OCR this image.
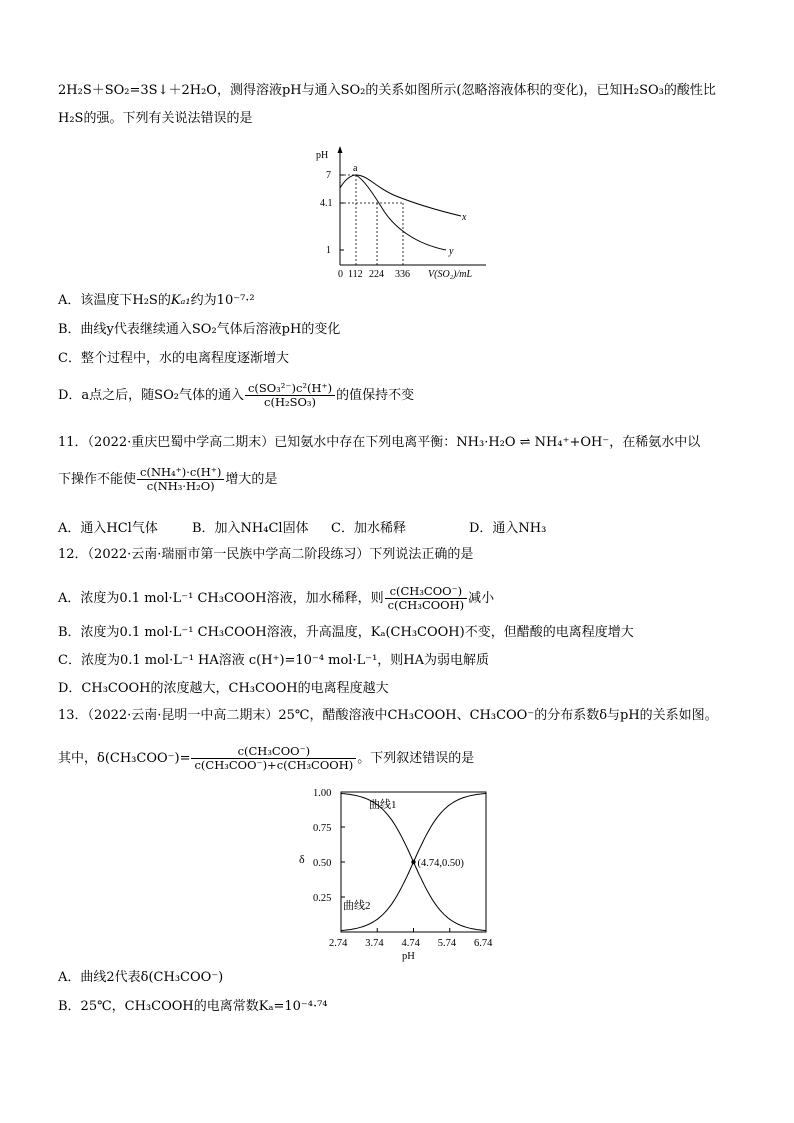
2H₂S＋SO₂=3S↓＋2H₂O，测得溶液pH与通入SO₂的关系如图所示(忽略溶液体积的变化)，已知H₂SO₃的酸性比
H₂S的强。下列有关说法错误的是
pH
7
4.1
1
0 112 224 336 V(SO₂)/mL
a
x
y
A．该温度下H₂S的Kₐ₁约为10⁻⁷·²
B．曲线y代表继续通入SO₂气体后溶液pH的变化
C．整个过程中，水的电离程度逐渐增大
D．a点之后，随SO₂气体的通入 $\frac{\text{c(SO₃²⁻)c²(H⁺)}}{\text{c(H₂SO₃)}}$ 的值保持不变
11．（2022·重庆巴蜀中学高二期末）已知氨水中存在下列电离平衡：NH₃·H₂O ⇌ NH₄⁺+OH⁻，在稀氨水中以
下操作不能使 $\frac{\text{c(NH₄⁺)·c(H⁺)}}{\text{c(NH₃·H₂O)}}$ 增大的是
A．通入HCl气体	B．加入NH₄Cl固体 C．加水稀释	D．通入NH₃
12．（2022·云南·瑞丽市第一民族中学高二阶段练习）下列说法正确的是
A．浓度为0.1 mol·L⁻¹ CH₃COOH溶液，加水稀释，则 $\frac{\text{c(CH₃COO⁻)}}{\text{c(CH₃COOH)}}$ 减小
B．浓度为0.1 mol·L⁻¹ CH₃COOH溶液，升高温度，Kₐ(CH₃COOH)不变，但醋酸的电离程度增大
C．浓度为0.1 mol·L⁻¹ HA溶液 c(H⁺)=10⁻⁴ mol·L⁻¹，则HA为弱电解质
D．CH₃COOH的浓度越大，CH₃COOH的电离程度越大
13．（2022·云南·昆明一中高二期末）25℃，醋酸溶液中CH₃COOH、CH₃COO⁻的分布系数δ与pH的关系如图。
其中，$\delta(CH_3COO^-)= \frac{\text{c(CH₃COO⁻)}}{\text{c(CH₃COO⁻)+c(CH₃COOH)}}$ 。下列叙述错误的是
2.74 3.74 4.74 5.74 6.74
0.25
0.50
0.75
1.00
(4.74,0.50)
曲线1
曲线2
δ
pH
A．曲线2代表δ(CH₃COO⁻)
B．25℃，CH₃COOH的电离常数Kₐ=10⁻⁴·⁷⁴
